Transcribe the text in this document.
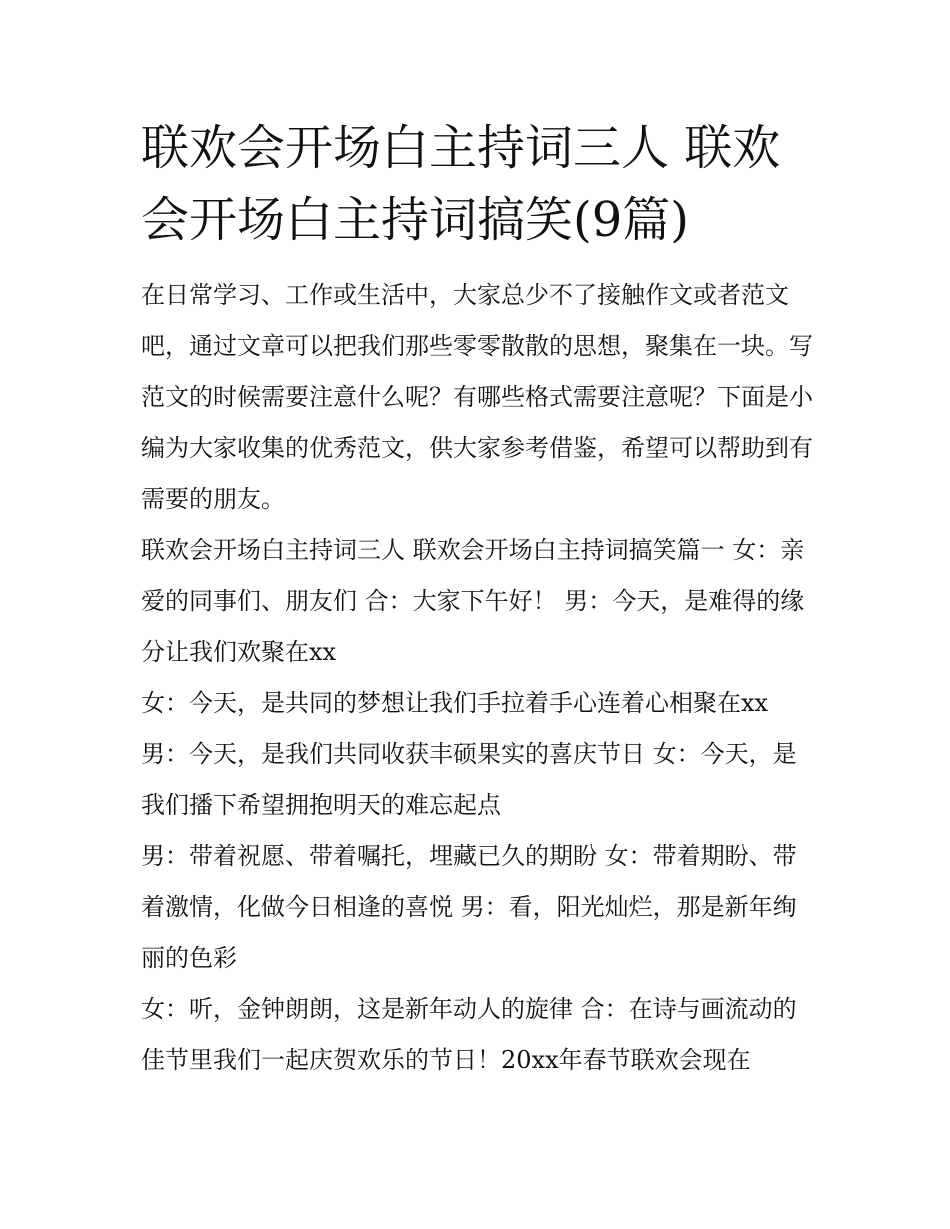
联欢会开场白主持词三人 联欢会开场白主持词搞笑(9篇)

在日常学习、工作或生活中，大家总少不了接触作文或者范文吧，通过文章可以把我们那些零零散散的思想，聚集在一块。写范文的时候需要注意什么呢？有哪些格式需要注意呢？下面是小编为大家收集的优秀范文，供大家参考借鉴，希望可以帮助到有需要的朋友。

联欢会开场白主持词三人 联欢会开场白主持词搞笑篇一 女：亲爱的同事们、朋友们 合：大家下午好！ 男：今天，是难得的缘分让我们欢聚在xx

女：今天，是共同的梦想让我们手拉着手心连着心相聚在xx

男：今天，是我们共同收获丰硕果实的喜庆节日 女：今天，是我们播下希望拥抱明天的难忘起点

男：带着祝愿、带着嘱托，埋藏已久的期盼 女：带着期盼、带着激情，化做今日相逢的喜悦 男：看，阳光灿烂，那是新年绚丽的色彩

女：听，金钟朗朗，这是新年动人的旋律 合：在诗与画流动的佳节里我们一起庆贺欢乐的节日！20xx年春节联欢会现在
